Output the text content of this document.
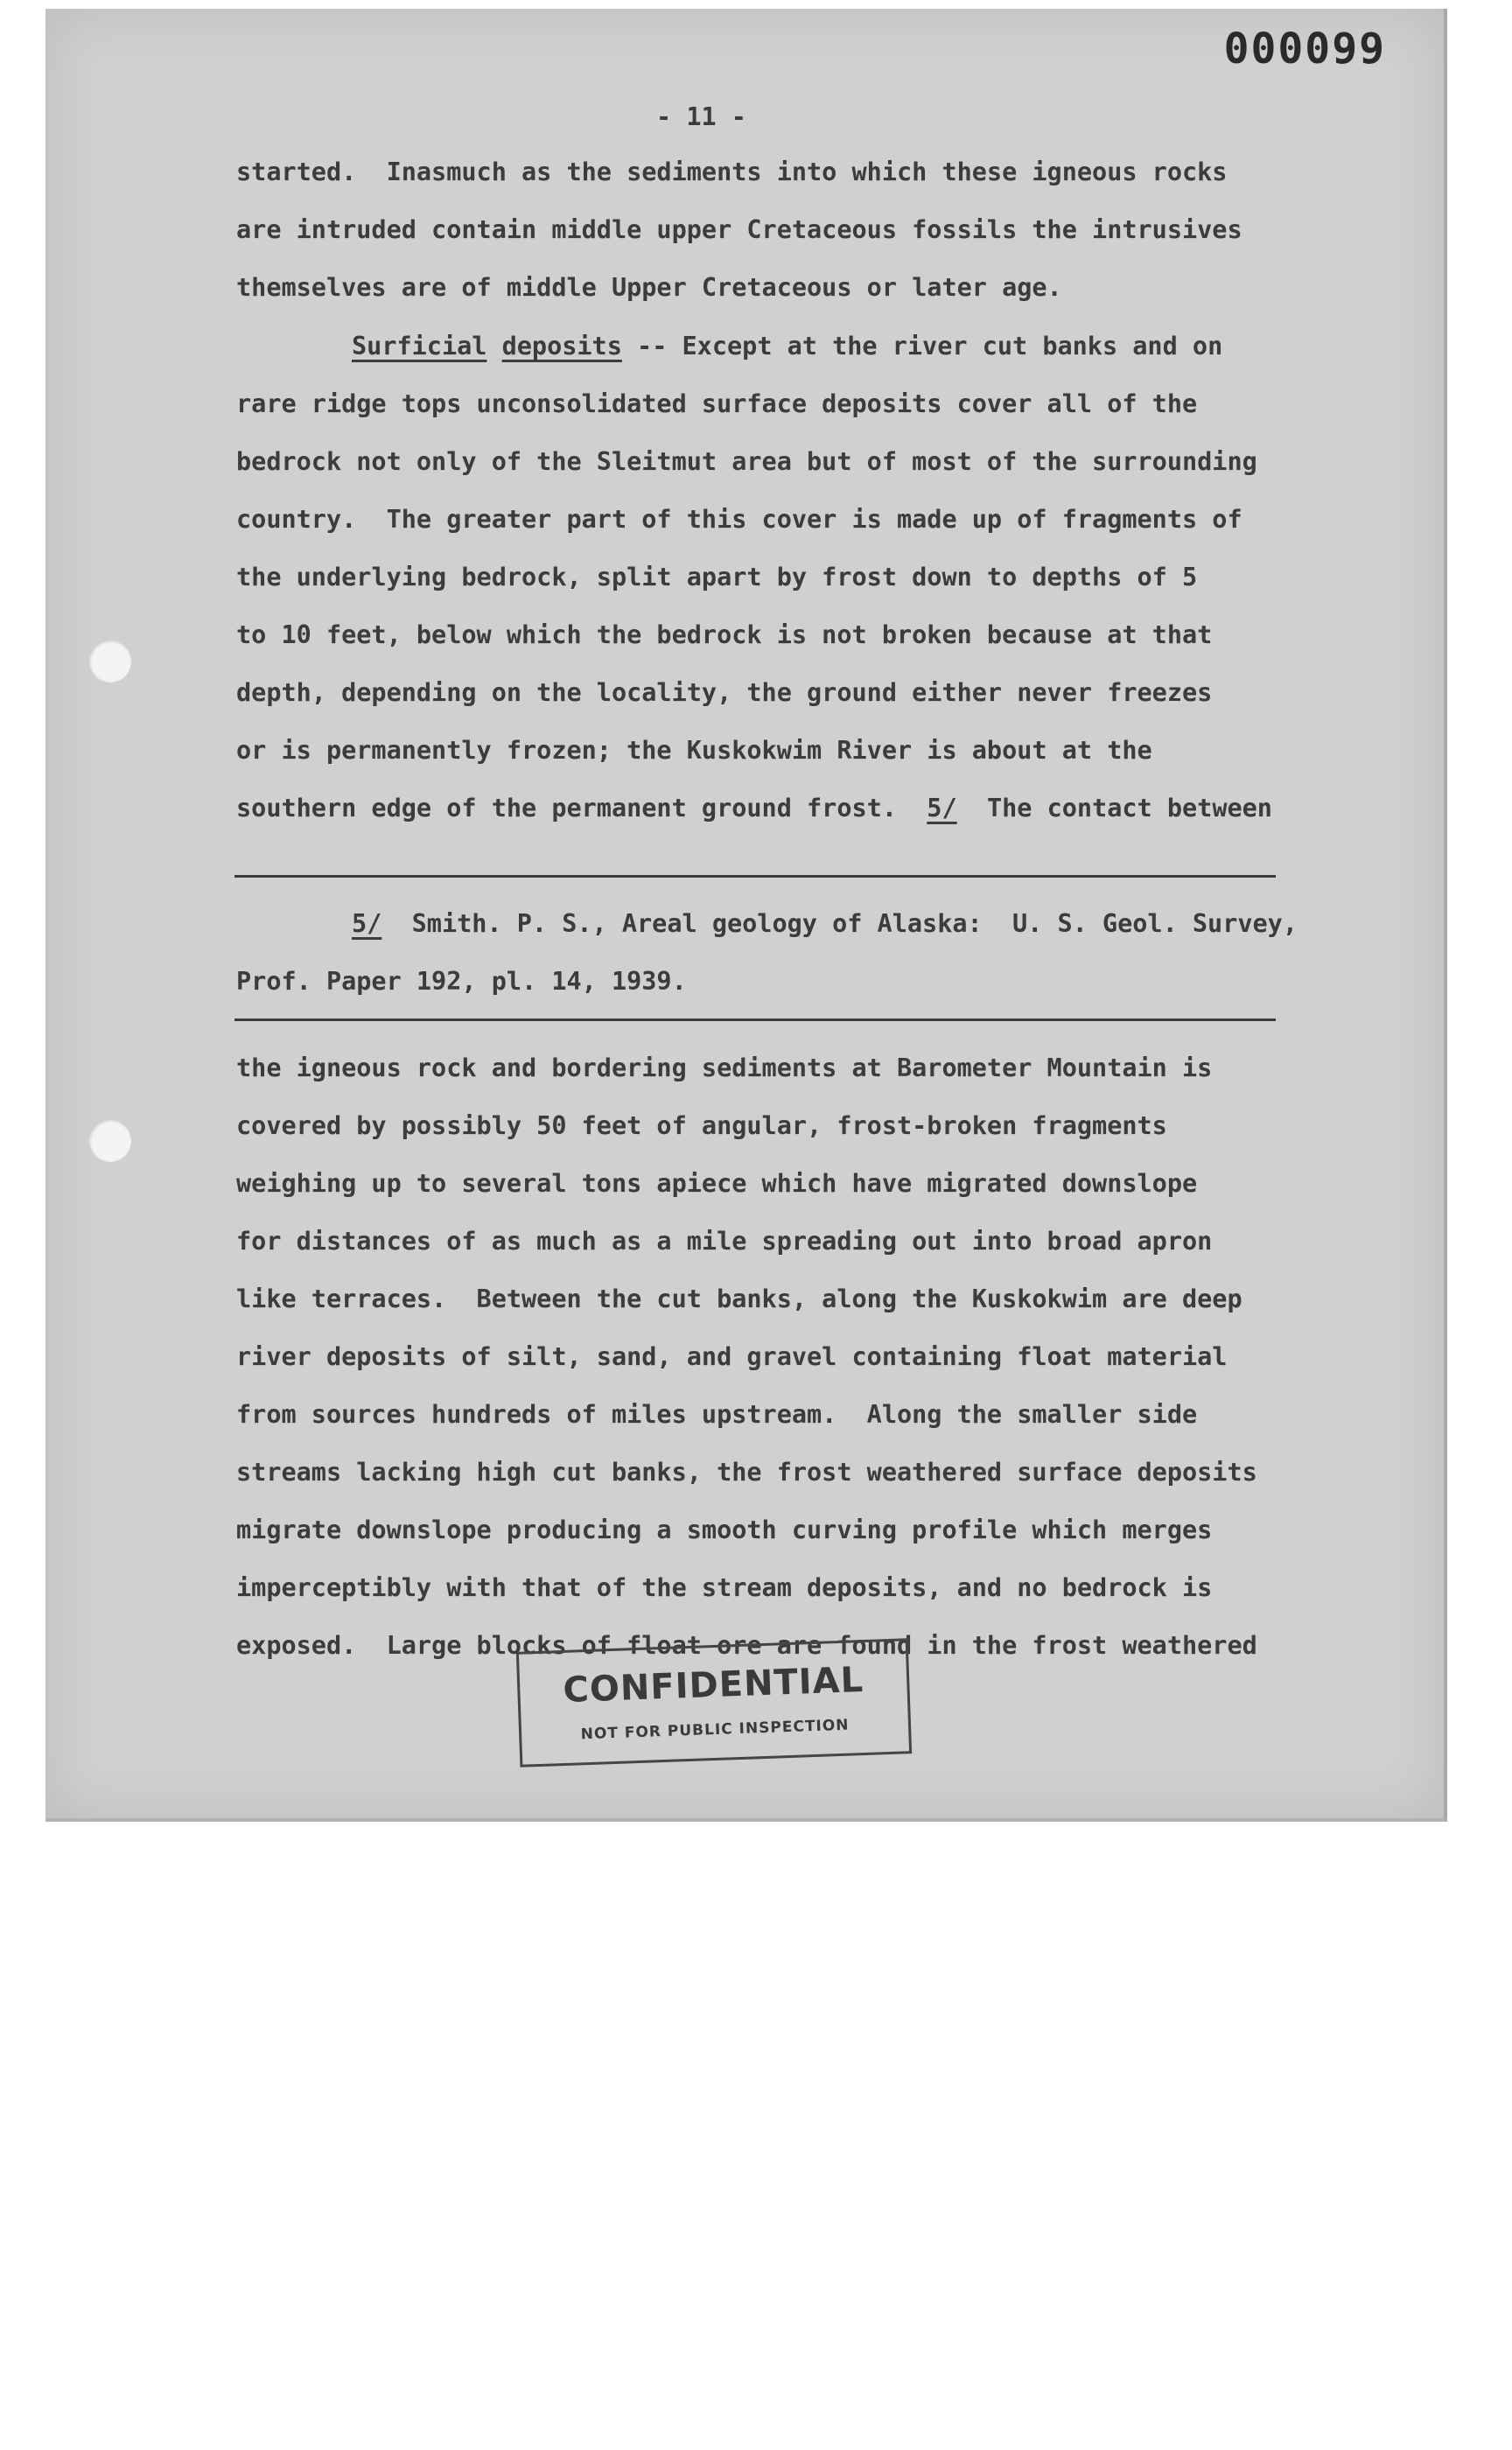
000099
- 11 -
started.  Inasmuch as the sediments into which these igneous rocks
are intruded contain middle upper Cretaceous fossils the intrusives
themselves are of middle Upper Cretaceous or later age.
Surficial deposits -- Except at the river cut banks and on
rare ridge tops unconsolidated surface deposits cover all of the
bedrock not only of the Sleitmut area but of most of the surrounding
country.  The greater part of this cover is made up of fragments of
the underlying bedrock, split apart by frost down to depths of 5
to 10 feet, below which the bedrock is not broken because at that
depth, depending on the locality, the ground either never freezes
or is permanently frozen; the Kuskokwim River is about at the
southern edge of the permanent ground frost.  5/  The contact between
5/  Smith. P. S., Areal geology of Alaska:  U. S. Geol. Survey,
Prof. Paper 192, pl. 14, 1939.
the igneous rock and bordering sediments at Barometer Mountain is
covered by possibly 50 feet of angular, frost-broken fragments
weighing up to several tons apiece which have migrated downslope
for distances of as much as a mile spreading out into broad apron
like terraces.  Between the cut banks, along the Kuskokwim are deep
river deposits of silt, sand, and gravel containing float material
from sources hundreds of miles upstream.  Along the smaller side
streams lacking high cut banks, the frost weathered surface deposits
migrate downslope producing a smooth curving profile which merges
imperceptibly with that of the stream deposits, and no bedrock is
exposed.  Large blocks of float ore are found in the frost weathered
CONFIDENTIAL
NOT FOR PUBLIC INSPECTION
